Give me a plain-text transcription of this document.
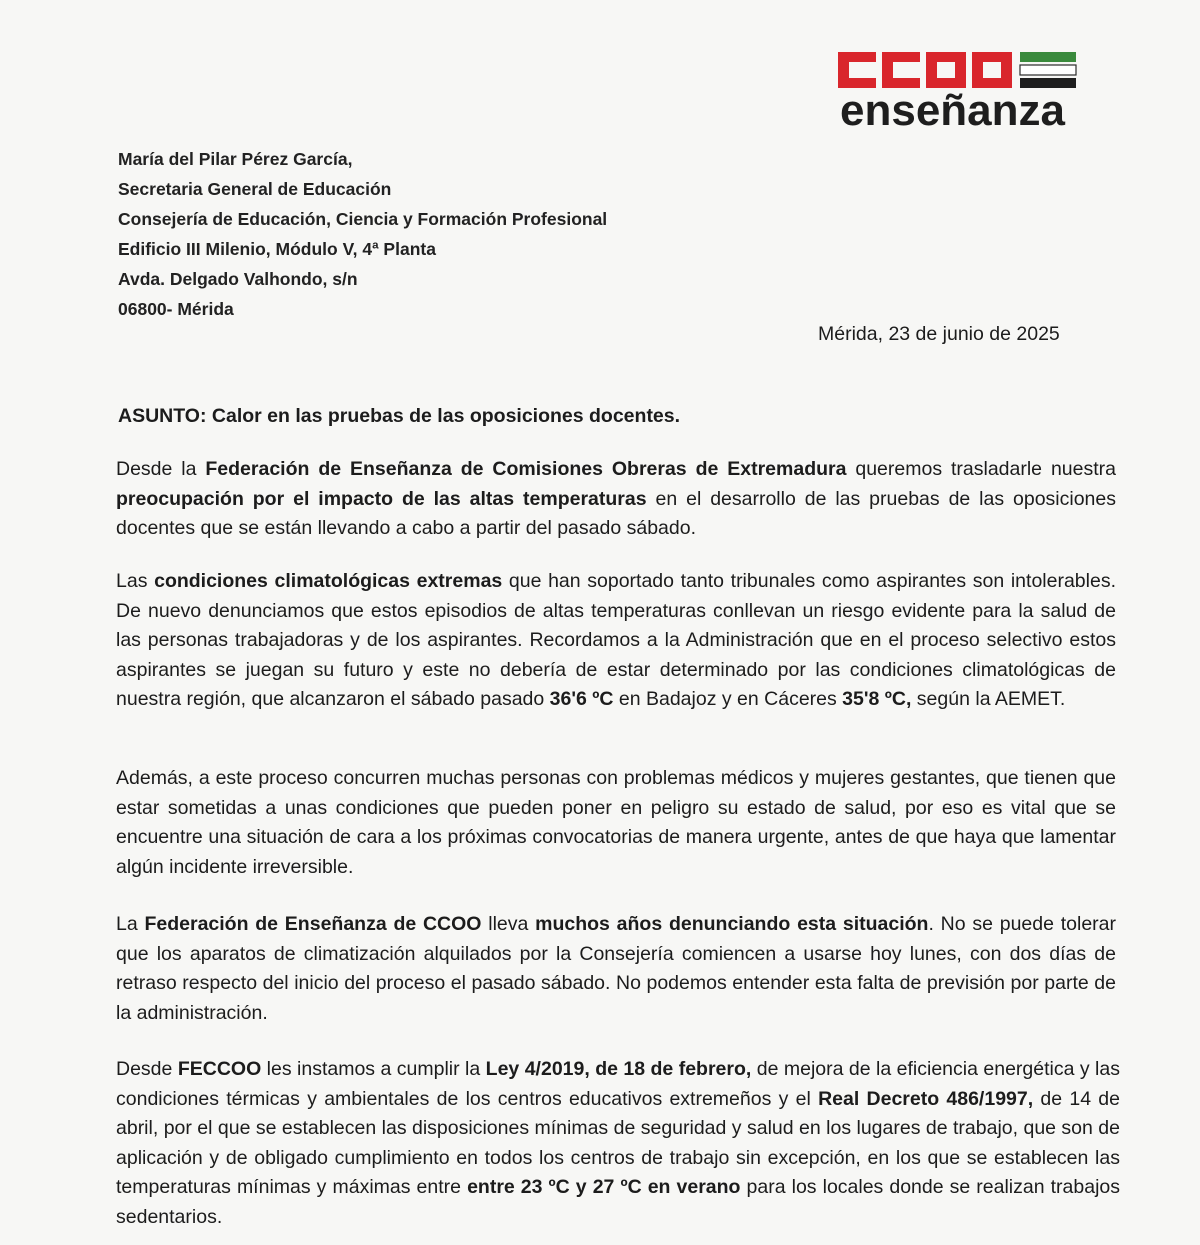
enseñanza
María del Pilar Pérez García,
Secretaria General de Educación
Consejería de Educación, Ciencia y Formación Profesional
Edificio III Milenio, Módulo V, 4ª Planta
Avda. Delgado Valhondo, s/n
06800- Mérida
Mérida, 23 de junio de 2025
ASUNTO: Calor en las pruebas de las oposiciones docentes.
Desde la Federación de Enseñanza de Comisiones Obreras de Extremadura queremos trasladarle nuestra preocupación por el impacto de las altas temperaturas en el desarrollo de las pruebas de las oposiciones docentes que se están llevando a cabo a partir del pasado sábado.
Las condiciones climatológicas extremas que han soportado tanto tribunales como aspirantes son intolerables. De nuevo denunciamos que estos episodios de altas temperaturas conllevan un riesgo evidente para la salud de las personas trabajadoras y de los aspirantes. Recordamos a la Administración que en el proceso selectivo estos aspirantes se juegan su futuro y este no debería de estar determinado por las condiciones climatológicas de nuestra región, que alcanzaron el sábado pasado 36'6 ºC en Badajoz y en Cáceres 35'8 ºC, según la AEMET.
Además, a este proceso concurren muchas personas con problemas médicos y mujeres gestantes, que tienen que estar sometidas a unas condiciones que pueden poner en peligro su estado de salud, por eso es vital que se encuentre una situación de cara a los próximas convocatorias de manera urgente, antes de que haya que lamentar algún incidente irreversible.
La Federación de Enseñanza de CCOO lleva muchos años denunciando esta situación. No se puede tolerar que los aparatos de climatización alquilados por la Consejería comiencen a usarse hoy lunes, con dos días de retraso respecto del inicio del proceso el pasado sábado. No podemos entender esta falta de previsión por parte de la administración.
Desde FECCOO les instamos a cumplir la Ley 4/2019, de 18 de febrero, de mejora de la eficiencia energética y las condiciones térmicas y ambientales de los centros educativos extremeños y el Real Decreto 486/1997, de 14 de abril, por el que se establecen las disposiciones mínimas de seguridad y salud en los lugares de trabajo, que son de aplicación y de obligado cumplimiento en todos los centros de trabajo sin excepción, en los que se establecen las temperaturas mínimas y máximas entre entre 23 ºC y 27 ºC en verano para los locales donde se realizan trabajos sedentarios.
